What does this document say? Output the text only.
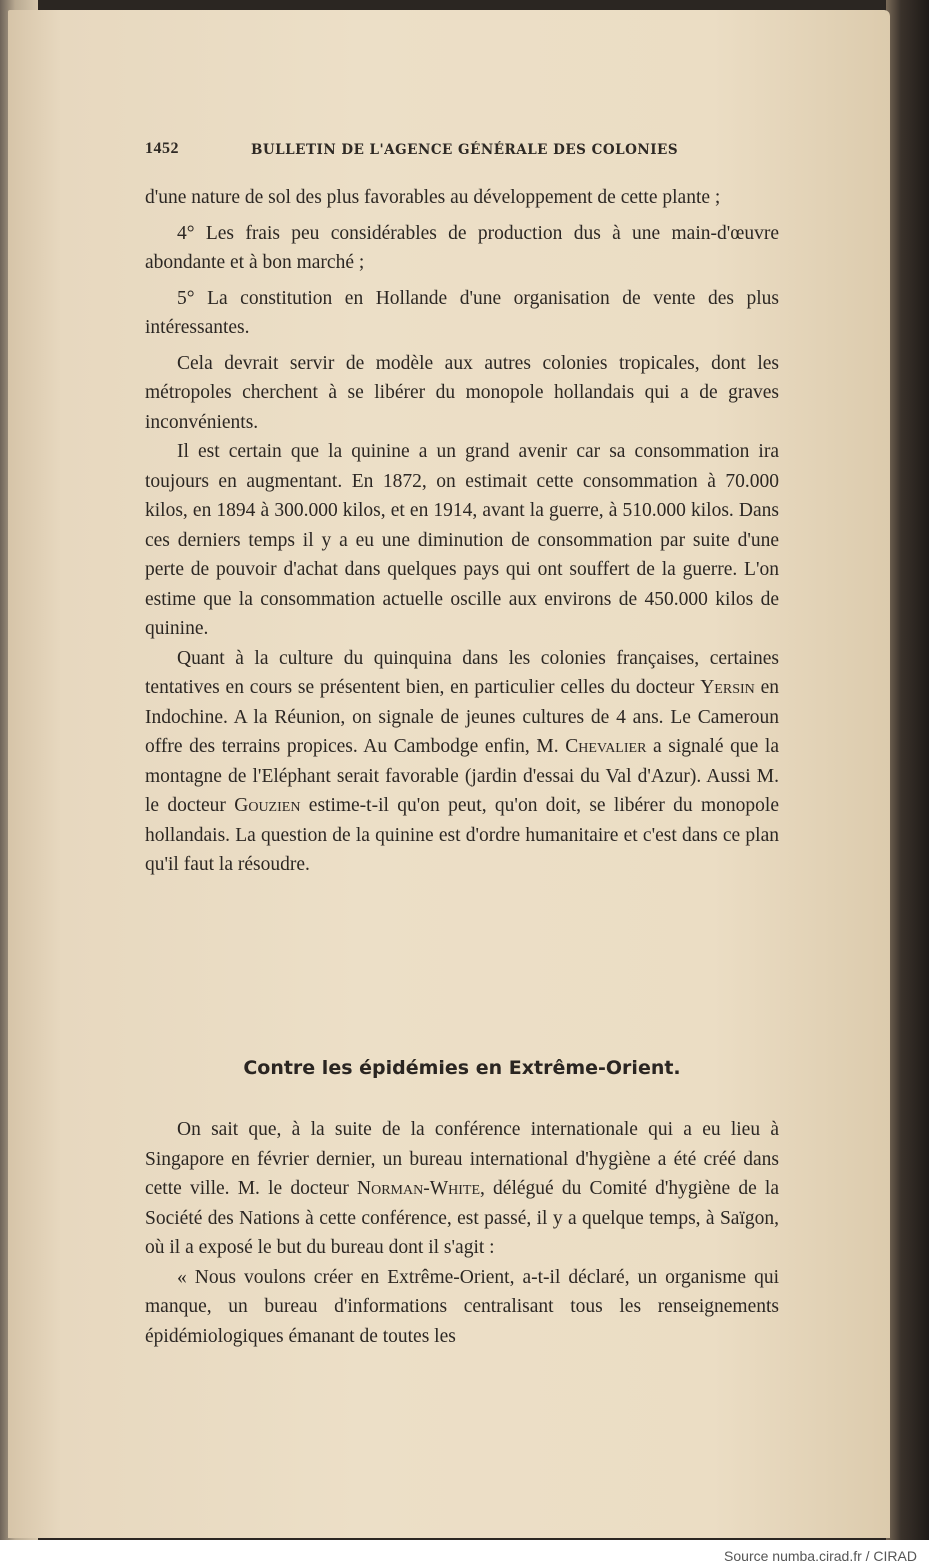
1452	BULLETIN DE L'AGENCE GÉNÉRALE DES COLONIES

d'une nature de sol des plus favorables au développement de cette plante ;

4° Les frais peu considérables de production dus à une main-d'œuvre abondante et à bon marché ;

5° La constitution en Hollande d'une organisation de vente des plus intéressantes.

Cela devrait servir de modèle aux autres colonies tropicales, dont les métropoles cherchent à se libérer du monopole hollandais qui a de graves inconvénients.

Il est certain que la quinine a un grand avenir car sa consommation ira toujours en augmentant. En 1872, on estimait cette consommation à 70.000 kilos, en 1894 à 300.000 kilos, et en 1914, avant la guerre, à 510.000 kilos. Dans ces derniers temps il y a eu une diminution de consommation par suite d'une perte de pouvoir d'achat dans quelques pays qui ont souffert de la guerre. L'on estime que la consommation actuelle oscille aux environs de 450.000 kilos de quinine.

Quant à la culture du quinquina dans les colonies françaises, certaines tentatives en cours se présentent bien, en particulier celles du docteur Yersin en Indochine. A la Réunion, on signale de jeunes cultures de 4 ans. Le Cameroun offre des terrains propices. Au Cambodge enfin, M. Chevalier a signalé que la montagne de l'Eléphant serait favorable (jardin d'essai du Val d'Azur). Aussi M. le docteur Gouzien estime-t-il qu'on peut, qu'on doit, se libérer du monopole hollandais. La question de la quinine est d'ordre humanitaire et c'est dans ce plan qu'il faut la résoudre.

Contre les épidémies en Extrême-Orient.

On sait que, à la suite de la conférence internationale qui a eu lieu à Singapore en février dernier, un bureau international d'hygiène a été créé dans cette ville. M. le docteur Norman-White, délégué du Comité d'hygiène de la Société des Nations à cette conférence, est passé, il y a quelque temps, à Saïgon, où il a exposé le but du bureau dont il s'agit :

« Nous voulons créer en Extrême-Orient, a-t-il déclaré, un organisme qui manque, un bureau d'informations centralisant tous les renseignements épidémiologiques émanant de toutes les

Source numba.cirad.fr / CIRAD
